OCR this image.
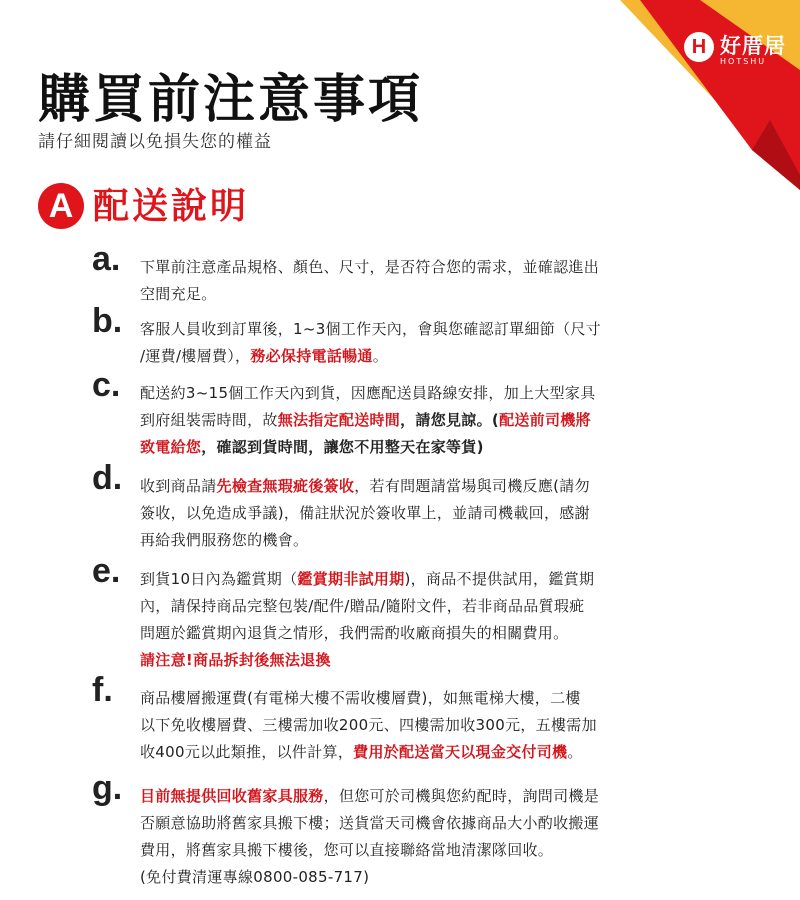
H 好厝居
HOTSHU
購買前注意事項
請仔細閱讀以免損失您的權益
A 配送說明
a. 下單前注意產品規格、顏色、尺寸，是否符合您的需求，並確認進出
空間充足。
b. 客服人員收到訂單後，1~3個工作天內，會與您確認訂單細節（尺寸
/運費/樓層費），務必保持電話暢通。
c. 配送約3~15個工作天內到貨，因應配送員路線安排，加上大型家具
到府組裝需時間，故無法指定配送時間，請您見諒。(配送前司機將
致電給您，確認到貨時間，讓您不用整天在家等貨)
d. 收到商品請先檢查無瑕疵後簽收，若有問題請當場與司機反應(請勿
簽收，以免造成爭議)，備註狀況於簽收單上，並請司機載回，感謝
再給我們服務您的機會。
e. 到貨10日內為鑑賞期（鑑賞期非試用期)，商品不提供試用，鑑賞期
內，請保持商品完整包裝/配件/贈品/隨附文件，若非商品品質瑕疵
問題於鑑賞期內退貨之情形，我們需酌收廠商損失的相關費用。
請注意!商品拆封後無法退換
f. 商品樓層搬運費(有電梯大樓不需收樓層費)，如無電梯大樓，二樓
以下免收樓層費、三樓需加收200元、四樓需加收300元，五樓需加
收400元以此類推，以件計算，費用於配送當天以現金交付司機。
g. 目前無提供回收舊家具服務，但您可於司機與您約配時，詢問司機是
否願意協助將舊家具搬下樓；送貨當天司機會依據商品大小酌收搬運
費用，將舊家具搬下樓後，您可以直接聯絡當地清潔隊回收。
(免付費清運專線0800-085-717)
